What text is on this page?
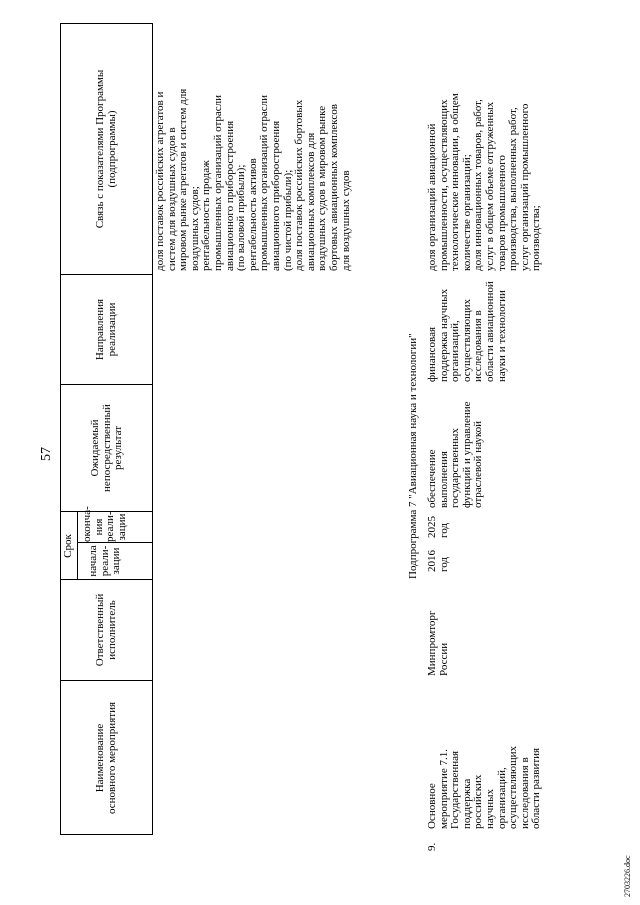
57
Наименование основного мероприятия
Ответственный исполнитель
Срок начала реали- зации
оконча- ния реали- зации
Ожидаемый непосредственный результат
Направления реализации
Связь с показателями Программы (подпрограммы)	доля поставок российских агрегатов и систем для воздушных судов в мировом рынке агрегатов и систем для воздушных судов; рентабельность продаж промышленных организаций отрасли авиационного приборостроения (по валовой прибыли); рентабельность активов промышленных организаций отрасли авиационного приборостроения (по чистой прибыли); доля поставок российских бортовых авиационных комплексов для воздушных судов в мировом рынке бортовых авиационных комплексов для воздушных судов
Подпрограмма 7 "Авиационная наука и технологии"
9.
Основное мероприятие 7.1. Государственная поддержка российских научных организаций, осуществляющих исследования в области развития
Минпромторг России
2016 год
2025 год
обеспечение выполнения государственных функций и управление отраслевой наукой
финансовая поддержка научных организаций, осуществляющих исследования в области авиационной науки и технологии
доля организаций авиационной промышленности, осуществляющих технологические инновации, в общем количестве организаций; доля инновационных товаров, работ, услуг в общем объеме отгруженных товаров промышленного производства, выполненных работ, услуг организаций промышленного производства;
2703226.doc
